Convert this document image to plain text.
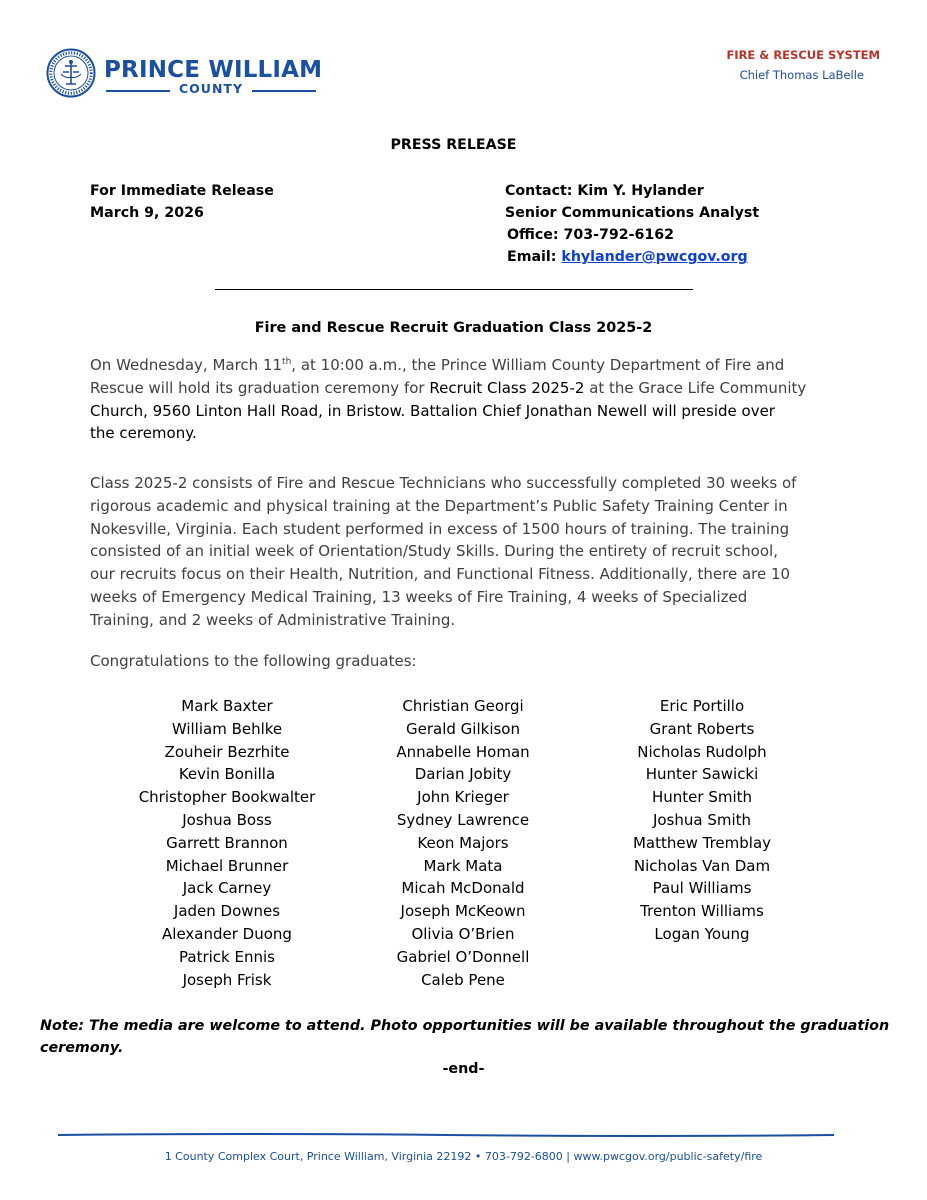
PRINCE WILLIAM
COUNTY
FIRE & RESCUE SYSTEM
Chief Thomas LaBelle
PRESS RELEASE
For Immediate Release
March 9, 2026
Contact: Kim Y. Hylander
Senior Communications Analyst
Office: 703-792-6162
Email: khylander@pwcgov.org
Fire and Rescue Recruit Graduation Class 2025-2
On Wednesday, March 11th, at 10:00 a.m., the Prince William County Department of Fire and
Rescue will hold its graduation ceremony for Recruit Class 2025-2 at the Grace Life Community
Church, 9560 Linton Hall Road, in Bristow. Battalion Chief Jonathan Newell will preside over
the ceremony.
Class 2025-2 consists of Fire and Rescue Technicians who successfully completed 30 weeks of
rigorous academic and physical training at the Department’s Public Safety Training Center in
Nokesville, Virginia. Each student performed in excess of 1500 hours of training. The training
consisted of an initial week of Orientation/Study Skills. During the entirety of recruit school,
our recruits focus on their Health, Nutrition, and Functional Fitness. Additionally, there are 10
weeks of Emergency Medical Training, 13 weeks of Fire Training, 4 weeks of Specialized
Training, and 2 weeks of Administrative Training.
Congratulations to the following graduates:
Mark Baxter
William Behlke
Zouheir Bezrhite
Kevin Bonilla
Christopher Bookwalter
Joshua Boss
Garrett Brannon
Michael Brunner
Jack Carney
Jaden Downes
Alexander Duong
Patrick Ennis
Joseph Frisk
Christian Georgi
Gerald Gilkison
Annabelle Homan
Darian Jobity
John Krieger
Sydney Lawrence
Keon Majors
Mark Mata
Micah McDonald
Joseph McKeown
Olivia O’Brien
Gabriel O’Donnell
Caleb Pene
Eric Portillo
Grant Roberts
Nicholas Rudolph
Hunter Sawicki
Hunter Smith
Joshua Smith
Matthew Tremblay
Nicholas Van Dam
Paul Williams
Trenton Williams
Logan Young
Note: The media are welcome to attend. Photo opportunities will be available throughout the graduation ceremony.
-end-
1 County Complex Court, Prince William, Virginia 22192 • 703-792-6800 | www.pwcgov.org/public-safety/fire
